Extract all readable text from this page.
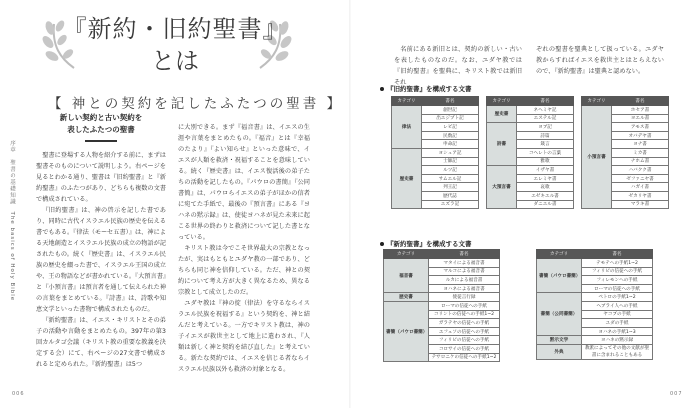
『新約・旧約聖書』
とは
【 神との契約を記したふたつの聖書 】
序章　聖書の基礎知識　The basics of Holy Bible
新しい契約と古い契約を
表したふたつの聖書

聖書に登場する人物を紹介する前に、まずは聖書そのものについて説明しよう。右ページを見るとわかる通り、聖書は『旧約聖書』と『新約聖書』のふたつがあり、どちらも複数の文書で構成されている。

『旧約聖書』は、神の啓示を記した書であり、同時に古代イスラエル民族の歴史を伝える書でもある。『律法（モーセ五書）』は、神による天地創造とイスラエル民族の成立の物語が記されたもの。続く『歴史書』は、イスラエル民族の歴史を綴った書で、イスラエル王国の成立や、王の物語などが書かれている。『大預言書』と『小預言書』は預言者を通して伝えられた神の言葉をまとめている。『詩書』は、詩歌や知恵文学といった書物で構成されたものだ。

『新約聖書』は、イエス・キリストとその弟子の活動や言動をまとめたもの。397年の第3回カルタゴ会議（キリスト教の重要な教義を決定する会）にて、右ページの27文書で構成されると定められた。『新約聖書』は5つ

に大別できる。まず『福音書』は、イエスの生涯や言葉をまとめたもの。『福音』とは『幸福のたより』『よい知らせ』といった意味で、イエスが人類を救済・祝福することを意味している。続く『歴史書』は、イエス復活後の弟子たちの活動を記したもの。『パウロの書簡』『公同書簡』は、パウロらイエスの弟子がほかの信者に宛てた手紙で、最後の『預言書』にある『ヨハネの黙示録』は、使徒ヨハネが見た未来に起こる世界の終わりと救済について記した書となっている。

キリスト教は今でこそ世界最大の宗教となったが、実はもともとユダヤ教の一部であり、どちらも同じ神を信仰している。ただ、神との契約について考え方が大きく異なるため、異なる宗教として成立したのだ。

ユダヤ教は『神の掟（律法）を守るならイスラエル民族を祝福する』という契約を、神と結んだと考えている。一方でキリスト教は、神の子イエスが救世主として地上に遣わされ、『人類は新しく神と契約を結び直した』と考えている。新たな契約では、イエスを信じる者ならイスラエル民族以外も救済の対象となる。

006

名前にある新旧とは、契約の新しい・古いを表したものなのだ。なお、ユダヤ教では『旧約聖書』を聖典に、キリスト教では新旧それ

ぞれの聖書を聖典として扱っている。ユダヤ教からすればイエスを救世主とはとらえないので、『新約聖書』は聖典と認めない。

『旧約聖書』を構成する文書
『新約聖書』を構成する文書
カテゴリ	書名
律法	創世記
	出エジプト記
	レビ記
	民数記
	申命記
歴史書	ヨシュア記
	士師記
	ルツ記
	サムエル記
	列王記
	歴代誌
	エズラ記
カテゴリ	書名
歴史書	ネヘミヤ記
	エステル記
詩書	ヨブ記
	詩篇
	箴言
	コヘレトの言葉
	雅歌
大預言書	イザヤ書
	エレミヤ書
	哀歌
	エゼキエル書
	ダニエル書
カテゴリ	書名
小預言書	ホセア書
	ヨエル書
	アモス書
	オバデヤ書
	ヨナ書
	ミカ書
	ナホム書
	ハバクク書
	ゼファニヤ書
	ハガイ書
	ゼカリヤ書
	マラキ書
カテゴリ	書名
福音書	マタイによる福音書
	マルコによる福音書
	ルカによる福音書
	ヨハネによる福音書
歴史書	使徒言行録
書簡（パウロ書簡）	ローマの信徒への手紙
	コリントの信徒への手紙1~2
	ガラテヤの信徒への手紙
	エフェソの信徒への手紙
	フィリピの信徒への手紙
	コロサイの信徒への手紙
	テサロニケの信徒への手紙1~2
カテゴリ	書名
書簡（パウロ書簡）	テモテへの手紙1~2
	フィリピの信徒への手紙
	フィレモンへの手紙
	ローマの信徒への手紙
書簡（公同書簡）	ペトロの手紙1~2
	ヘブライ人への手紙
	ヤコブの手紙
	ユダの手紙
	ヨハネの手紙1~3
黙示文学	ヨハネの黙示録
外典	教派によってその他の文献が聖書に含まれることもある
007
